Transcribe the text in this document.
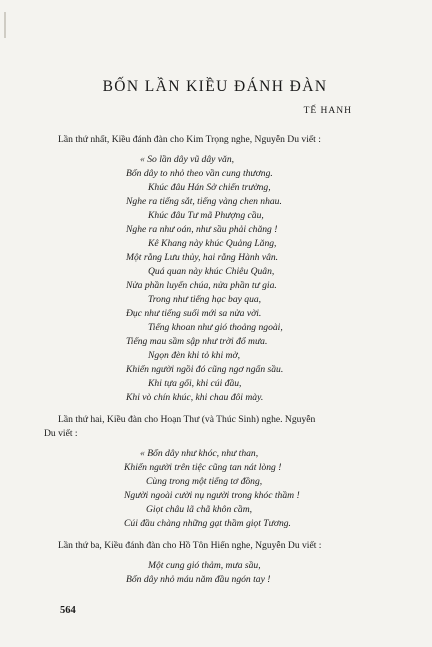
BỐN LẦN KIỀU ĐÁNH ĐÀN
TẾ HANH
Lần thứ nhất, Kiều đánh đàn cho Kim Trọng nghe, Nguyễn Du viết :
« So lần dây vũ dây văn,
Bốn dây to nhỏ theo vần cung thương.
Khúc đâu Hán Sở chiến trường,
Nghe ra tiếng sắt, tiếng vàng chen nhau.
Khúc đâu Tư mã Phượng cầu,
Nghe ra như oán, như sầu phải chăng !
Kê Khang này khúc Quảng Lăng,
Một rằng Lưu thủy, hai rằng Hành vân.
Quá quan này khúc Chiêu Quân,
Nửa phần luyến chúa, nửa phần tư gia.
Trong như tiếng hạc bay qua,
Đục như tiếng suối mới sa nửa vời.
Tiếng khoan như gió thoảng ngoài,
Tiếng mau sầm sập như trời đổ mưa.
Ngọn đèn khi tỏ khi mờ,
Khiến người ngồi đó cũng ngơ ngẩn sầu.
Khi tựa gối, khi cúi đầu,
Khi vò chín khúc, khi chau đôi mày.
Lần thứ hai, Kiều đàn cho Hoạn Thư (và Thúc Sinh) nghe. Nguyễn
Du viết :
« Bốn dây như khóc, như than,
Khiến người trên tiệc cũng tan nát lòng !
Cùng trong một tiếng tơ đồng,
Người ngoài cười nụ người trong khóc thầm !
Giọt châu lã chã khôn cầm,
Cúi đầu chàng những gạt thầm giọt Tương.
Lần thứ ba, Kiều đánh đàn cho Hồ Tôn Hiến nghe, Nguyễn Du viết :
Một cung gió thảm, mưa sầu,
Bốn dây nhỏ máu năm đầu ngón tay !
564
